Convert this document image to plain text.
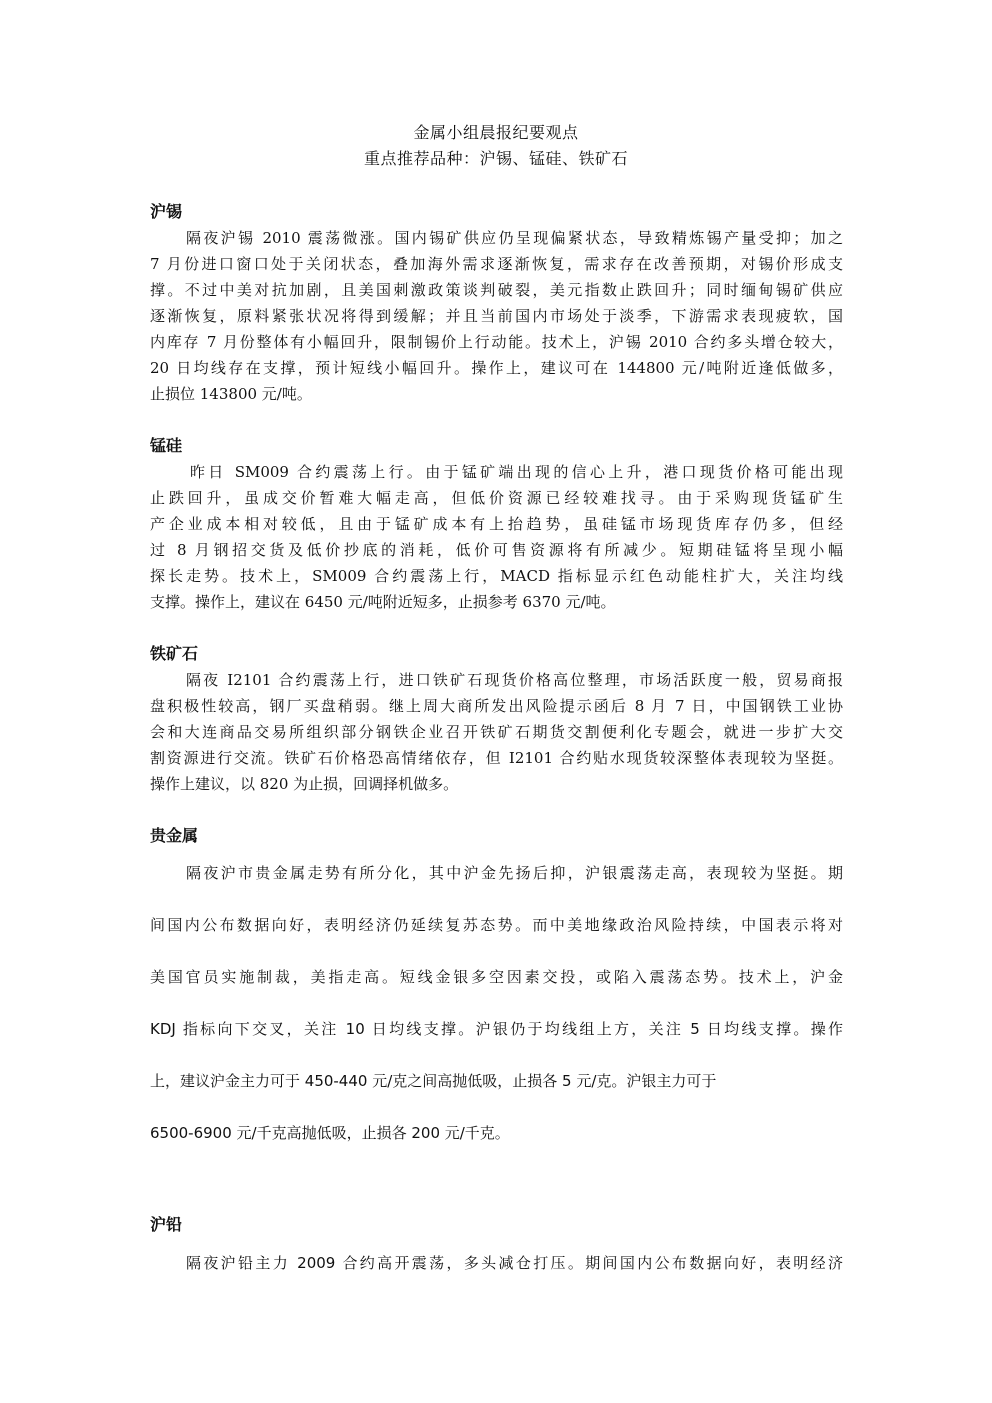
金属小组晨报纪要观点
重点推荐品种：沪锡、锰硅、铁矿石
沪锡
隔夜沪锡 2010 震荡微涨。国内锡矿供应仍呈现偏紧状态，导致精炼锡产量受抑；加之
7 月份进口窗口处于关闭状态，叠加海外需求逐渐恢复，需求存在改善预期，对锡价形成支
撑。不过中美对抗加剧，且美国刺激政策谈判破裂，美元指数止跌回升；同时缅甸锡矿供应
逐渐恢复，原料紧张状况将得到缓解；并且当前国内市场处于淡季，下游需求表现疲软，国
内库存 7 月份整体有小幅回升，限制锡价上行动能。技术上，沪锡 2010 合约多头增仓较大，
20 日均线存在支撑，预计短线小幅回升。操作上，建议可在 144800 元/吨附近逢低做多，
止损位 143800 元/吨。
锰硅
昨日 SM009 合约震荡上行。由于锰矿端出现的信心上升，港口现货价格可能出现
止跌回升，虽成交价暂难大幅走高，但低价资源已经较难找寻。由于采购现货锰矿生
产企业成本相对较低，且由于锰矿成本有上抬趋势，虽硅锰市场现货库存仍多，但经
过 8 月钢招交货及低价抄底的消耗，低价可售资源将有所减少。短期硅锰将呈现小幅
探长走势。技术上，SM009 合约震荡上行，MACD 指标显示红色动能柱扩大，关注均线
支撑。操作上，建议在 6450 元/吨附近短多，止损参考 6370 元/吨。
铁矿石
隔夜 I2101 合约震荡上行，进口铁矿石现货价格高位整理，市场活跃度一般，贸易商报
盘积极性较高，钢厂买盘稍弱。继上周大商所发出风险提示函后 8 月 7 日，中国钢铁工业协
会和大连商品交易所组织部分钢铁企业召开铁矿石期货交割便利化专题会，就进一步扩大交
割资源进行交流。铁矿石价格恐高情绪依存，但 I2101 合约贴水现货较深整体表现较为坚挺。
操作上建议，以 820 为止损，回调择机做多。
贵金属
隔夜沪市贵金属走势有所分化，其中沪金先扬后抑，沪银震荡走高，表现较为坚挺。期
间国内公布数据向好，表明经济仍延续复苏态势。而中美地缘政治风险持续，中国表示将对
美国官员实施制裁，美指走高。短线金银多空因素交投，或陷入震荡态势。技术上，沪金
KDJ 指标向下交叉，关注 10 日均线支撑。沪银仍于均线组上方，关注 5 日均线支撑。操作
上，建议沪金主力可于 450-440 元/克之间高抛低吸，止损各 5 元/克。沪银主力可于
6500-6900 元/千克高抛低吸，止损各 200 元/千克。
沪铅
隔夜沪铅主力 2009 合约高开震荡，多头减仓打压。期间国内公布数据向好，表明经济
